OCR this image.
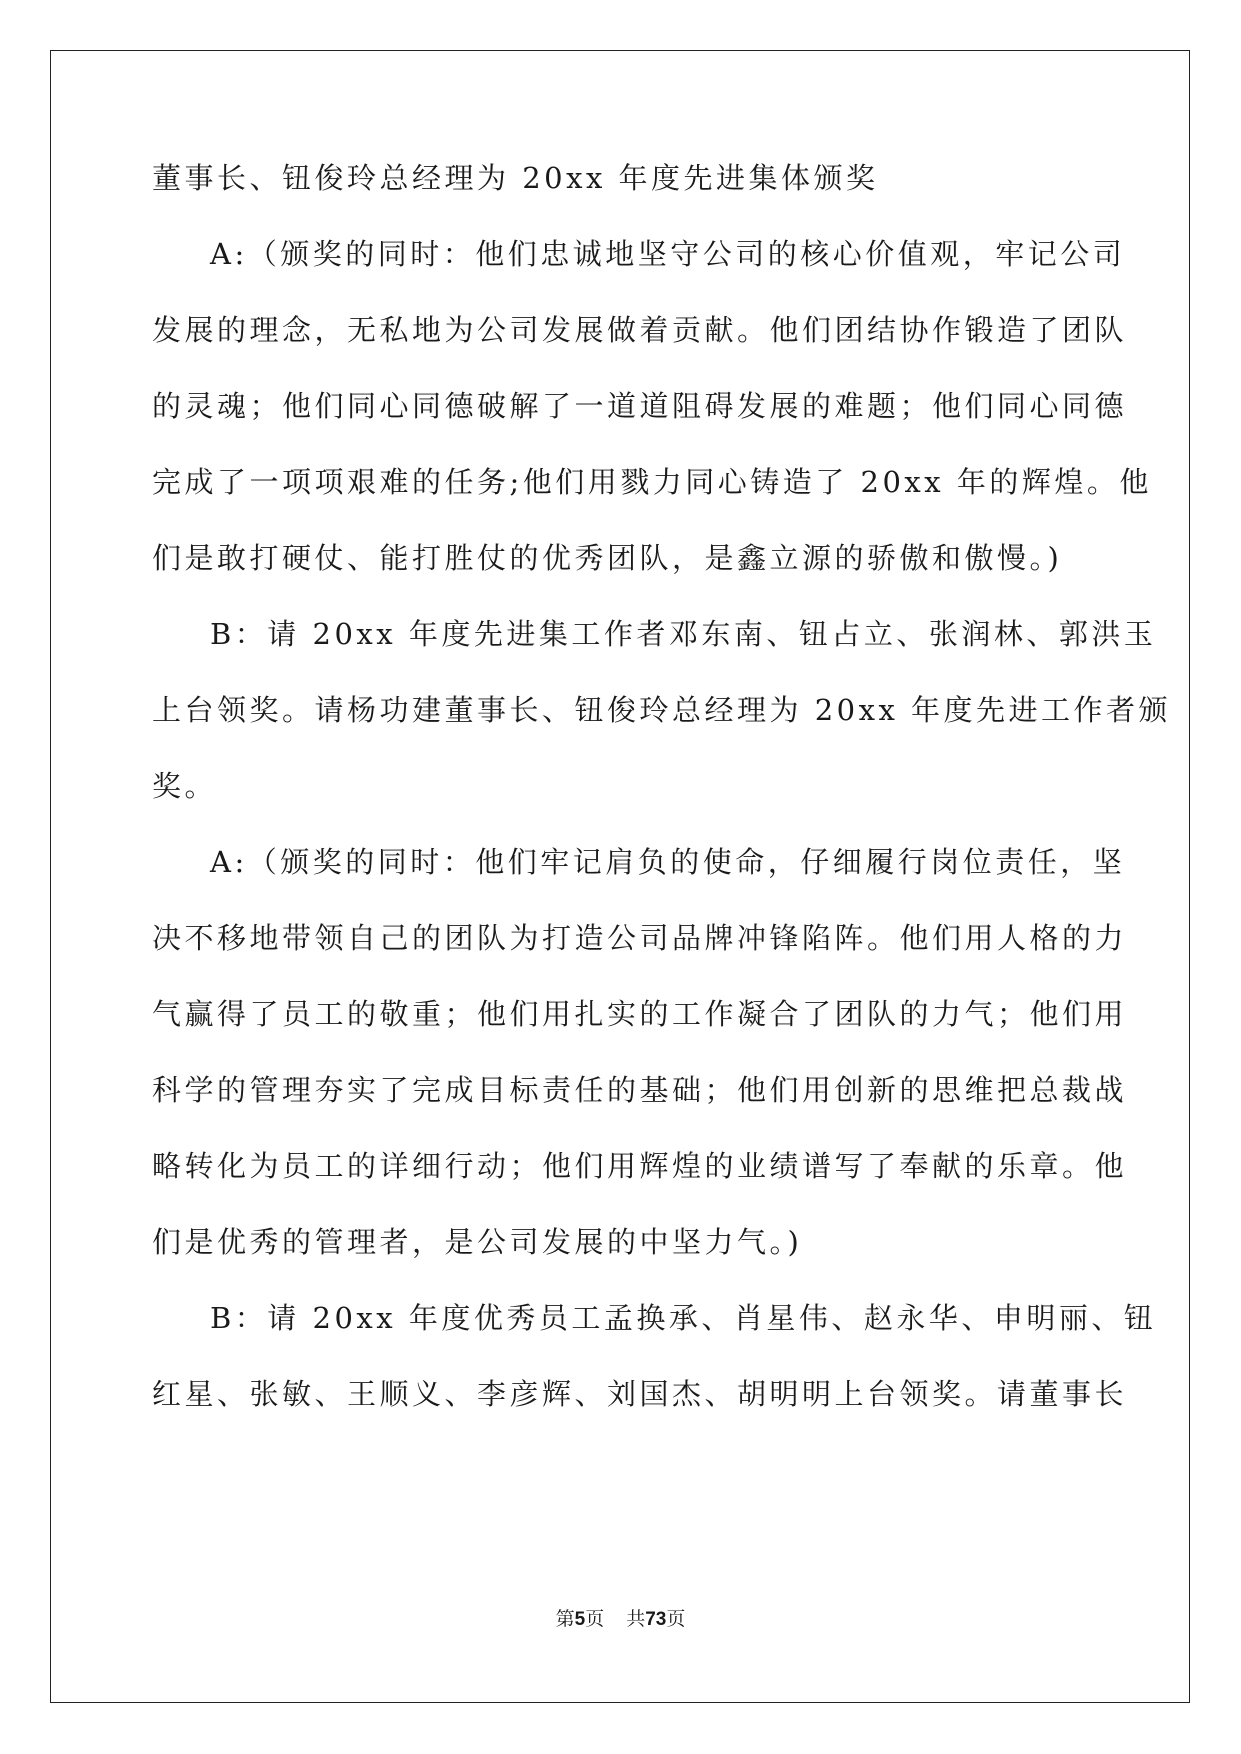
董事长、钮俊玲总经理为 20xx 年度先进集体颁奖
A:（颁奖的同时：他们忠诚地坚守公司的核心价值观，牢记公司
发展的理念，无私地为公司发展做着贡献。他们团结协作锻造了团队
的灵魂；他们同心同德破解了一道道阻碍发展的难题；他们同心同德
完成了一项项艰难的任务;他们用戮力同心铸造了 20xx 年的辉煌。他
们是敢打硬仗、能打胜仗的优秀团队，是鑫立源的骄傲和傲慢。)
B：请 20xx 年度先进集工作者邓东南、钮占立、张润林、郭洪玉
上台领奖。请杨功建董事长、钮俊玲总经理为 20xx 年度先进工作者颁
奖。
A:（颁奖的同时：他们牢记肩负的使命，仔细履行岗位责任，坚
决不移地带领自己的团队为打造公司品牌冲锋陷阵。他们用人格的力
气赢得了员工的敬重；他们用扎实的工作凝合了团队的力气；他们用
科学的管理夯实了完成目标责任的基础；他们用创新的思维把总裁战
略转化为员工的详细行动；他们用辉煌的业绩谱写了奉献的乐章。他
们是优秀的管理者，是公司发展的中坚力气。)
B：请 20xx 年度优秀员工孟换承、肖星伟、赵永华、申明丽、钮
红星、张敏、王顺义、李彦辉、刘国杰、胡明明上台领奖。请董事长
第5页 共73页
